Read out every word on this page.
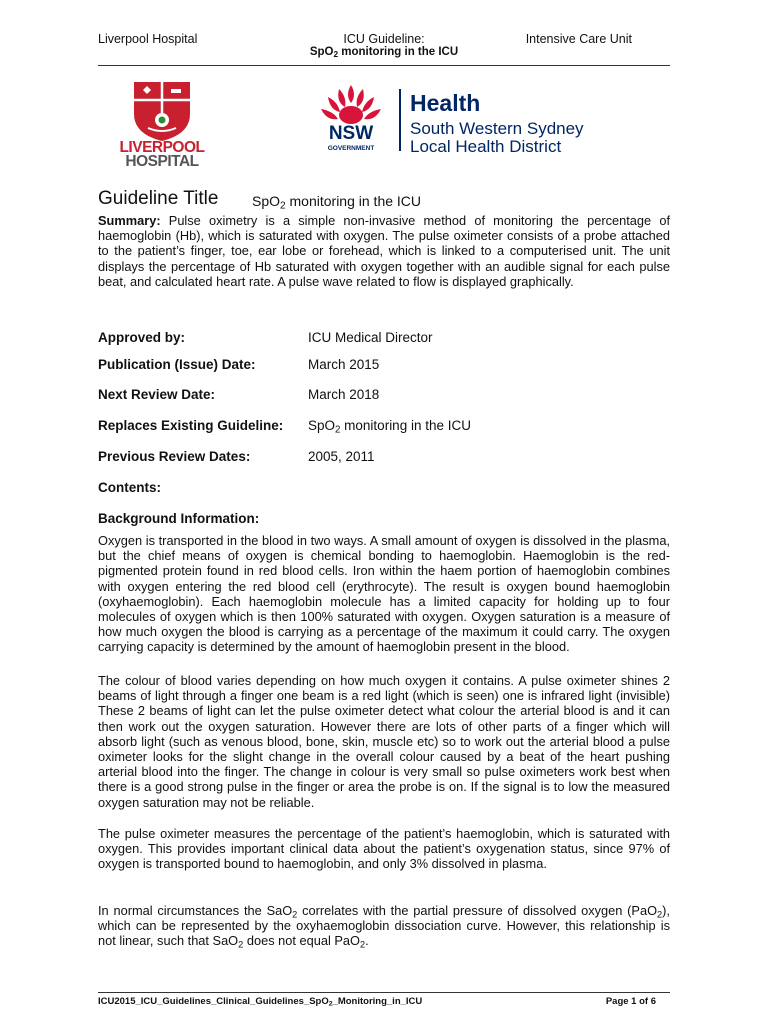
Liverpool Hospital	ICU Guideline:
SpO$_2$ monitoring in the ICU
Intensive Care Unit
LIVERPOOL
HOSPITAL
NSW
GOVERNMENT
Health
South Western Sydney
Local Health District
Guideline Title SpO$_2$ monitoring in the ICU
Summary: Pulse oximetry is a simple non-invasive method of monitoring the percentage of haemoglobin (Hb), which is saturated with oxygen. The pulse oximeter consists of a probe attached to the patient’s finger, toe, ear lobe or forehead, which is linked to a computerised unit. The unit displays the percentage of Hb saturated with oxygen together with an audible signal for each pulse beat, and calculated heart rate. A pulse wave related to flow is displayed graphically.
Approved by:	ICU Medical Director
Publication (Issue) Date:	March 2015
Next Review Date:	March 2018
Replaces Existing Guideline: SpO$_2$ monitoring in the ICU
Previous Review Dates:	2005, 2011
Contents:
Background Information:
Oxygen is transported in the blood in two ways. A small amount of oxygen is dissolved in the plasma, but the chief means of oxygen is chemical bonding to haemoglobin. Haemoglobin is the red-pigmented protein found in red blood cells. Iron within the haem portion of haemoglobin combines with oxygen entering the red blood cell (erythrocyte). The result is oxygen bound haemoglobin (oxyhaemoglobin). Each haemoglobin molecule has a limited capacity for holding up to four molecules of oxygen which is then 100% saturated with oxygen. Oxygen saturation is a measure of how much oxygen the blood is carrying as a percentage of the maximum it could carry. The oxygen carrying capacity is determined by the amount of haemoglobin present in the blood.
The colour of blood varies depending on how much oxygen it contains. A pulse oximeter shines 2 beams of light through a finger one beam is a red light (which is seen) one is infrared light (invisible) These 2 beams of light can let the pulse oximeter detect what colour the arterial blood is and it can then work out the oxygen saturation. However there are lots of other parts of a finger which will absorb light (such as venous blood, bone, skin, muscle etc) so to work out the arterial blood a pulse oximeter looks for the slight change in the overall colour caused by a beat of the heart pushing arterial blood into the finger. The change in colour is very small so pulse oximeters work best when there is a good strong pulse in the finger or area the probe is on. If the signal is to low the measured oxygen saturation may not be reliable.
The pulse oximeter measures the percentage of the patient’s haemoglobin, which is saturated with oxygen. This provides important clinical data about the patient’s oxygenation status, since 97% of oxygen is transported bound to haemoglobin, and only 3% dissolved in plasma.
In normal circumstances the SaO$_2$ correlates with the partial pressure of dissolved oxygen (PaO$_2$), which can be represented by the oxyhaemoglobin dissociation curve. However, this relationship is not linear, such that SaO$_2$ does not equal PaO$_2$.
ICU2015_ICU_Guidelines_Clinical_Guidelines_SpO$_2$_Monitoring_in_ICU	Page 1 of 6
